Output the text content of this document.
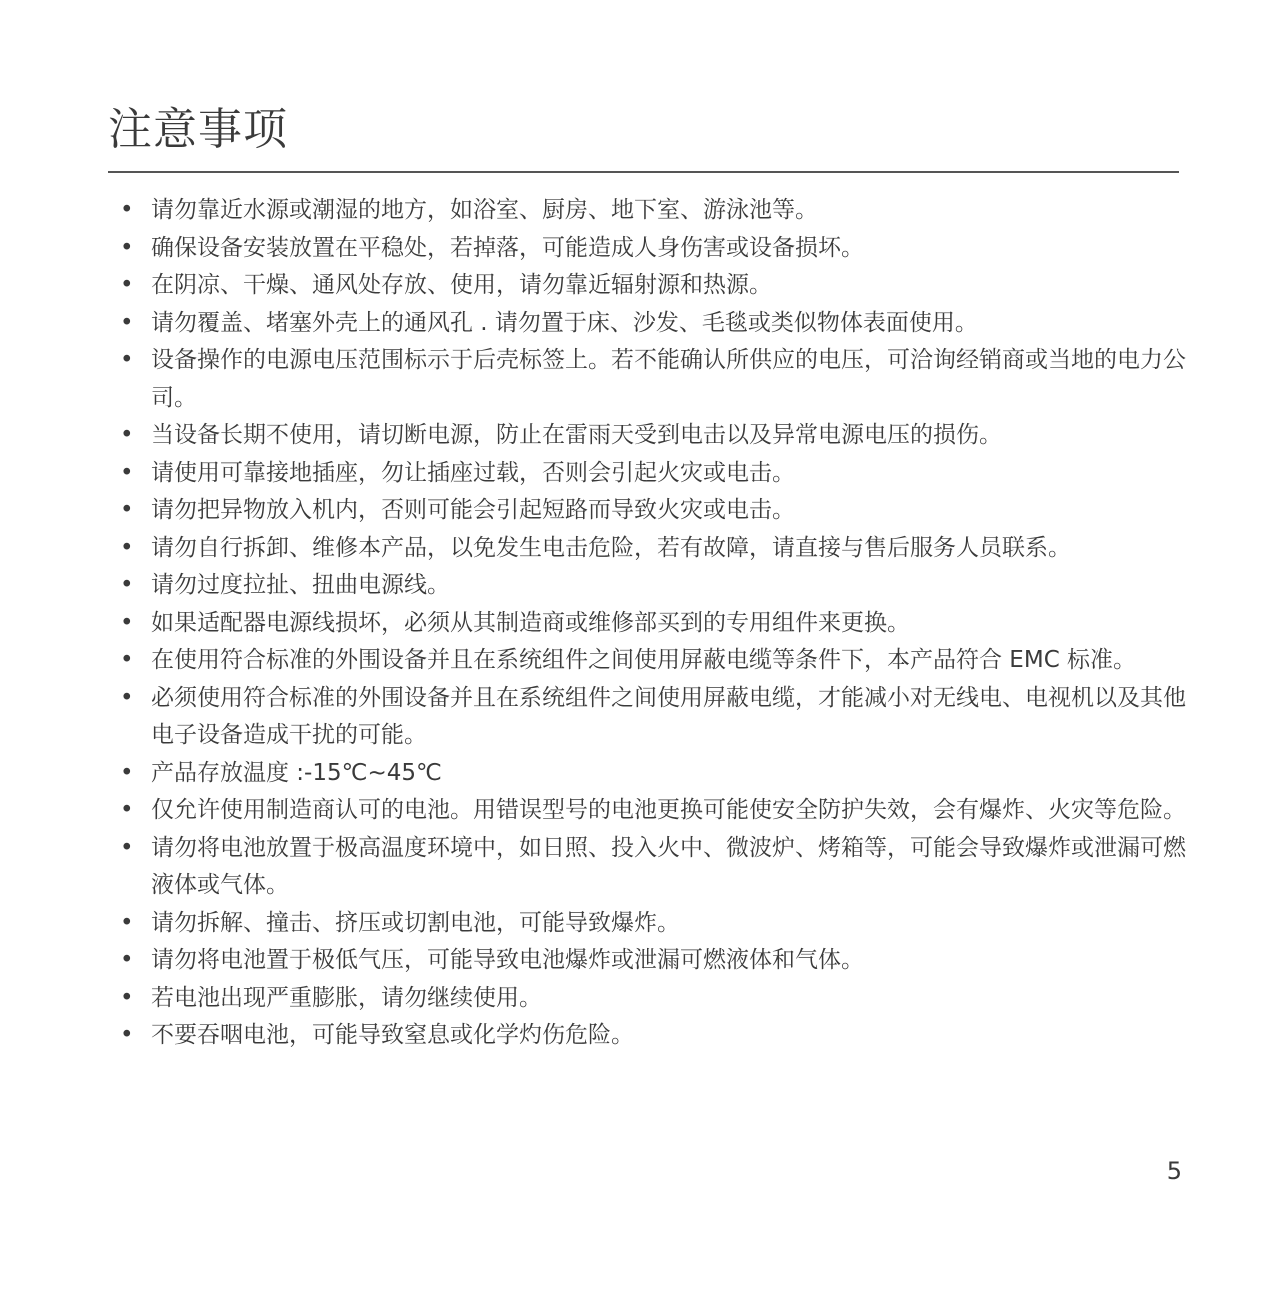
注意事项
• 请勿靠近水源或潮湿的地方，如浴室、厨房、地下室、游泳池等。
• 确保设备安装放置在平稳处，若掉落，可能造成人身伤害或设备损坏。
• 在阴凉、干燥、通风处存放、使用，请勿靠近辐射源和热源。
• 请勿覆盖、堵塞外壳上的通风孔 . 请勿置于床、沙发、毛毯或类似物体表面使用。
• 设备操作的电源电压范围标示于后壳标签上。若不能确认所供应的电压，可洽询经销商或当地的电力公司。
• 当设备长期不使用，请切断电源，防止在雷雨天受到电击以及异常电源电压的损伤。
• 请使用可靠接地插座，勿让插座过载，否则会引起火灾或电击。
• 请勿把异物放入机内，否则可能会引起短路而导致火灾或电击。
• 请勿自行拆卸、维修本产品，以免发生电击危险，若有故障，请直接与售后服务人员联系。
• 请勿过度拉扯、扭曲电源线。
• 如果适配器电源线损坏，必须从其制造商或维修部买到的专用组件来更换。
• 在使用符合标准的外围设备并且在系统组件之间使用屏蔽电缆等条件下，本产品符合 EMC 标准。
• 必须使用符合标准的外围设备并且在系统组件之间使用屏蔽电缆，才能减小对无线电、电视机以及其他电子设备造成干扰的可能。
• 产品存放温度 :-15℃~45℃
• 仅允许使用制造商认可的电池。用错误型号的电池更换可能使安全防护失效，会有爆炸、火灾等危险。
• 请勿将电池放置于极高温度环境中，如日照、投入火中、微波炉、烤箱等，可能会导致爆炸或泄漏可燃液体或气体。
• 请勿拆解、撞击、挤压或切割电池，可能导致爆炸。
• 请勿将电池置于极低气压，可能导致电池爆炸或泄漏可燃液体和气体。
• 若电池出现严重膨胀，请勿继续使用。
• 不要吞咽电池，可能导致窒息或化学灼伤危险。
5
